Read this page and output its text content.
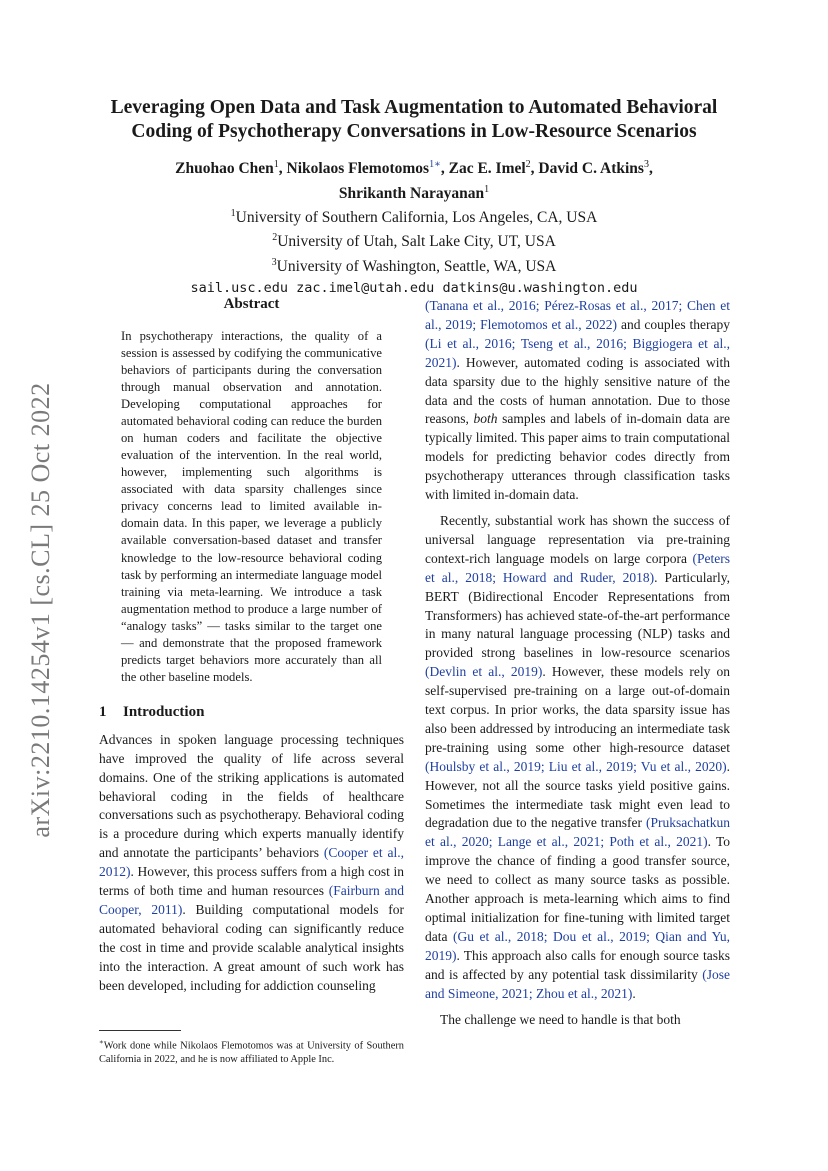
arXiv:2210.14254v1 [cs.CL] 25 Oct 2022
Leveraging Open Data and Task Augmentation to Automated Behavioral
Coding of Psychotherapy Conversations in Low-Resource Scenarios
Zhuohao Chen$^1$, Nikolaos Flemotomos$^{1∗}$, Zac E. Imel$^2$, David C. Atkins$^3$,
Shrikanth Narayanan$^1$
$^1$University of Southern California, Los Angeles, CA, USA
$^2$University of Utah, Salt Lake City, UT, USA
$^3$University of Washington, Seattle, WA, USA
sail.usc.edu zac.imel@utah.edu datkins@u.washington.edu
Abstract
In psychotherapy interactions, the quality of a session is assessed by codifying the communicative behaviors of participants during the conversation through manual observation and annotation. Developing computational approaches for automated behavioral coding can reduce the burden on human coders and facilitate the objective evaluation of the intervention. In the real world, however, implementing such algorithms is associated with data sparsity challenges since privacy concerns lead to limited available in-domain data. In this paper, we leverage a publicly available conversation-based dataset and transfer knowledge to the low-resource behavioral coding task by performing an intermediate language model training via meta-learning. We introduce a task augmentation method to produce a large number of “analogy tasks” — tasks similar to the target one — and demonstrate that the proposed framework predicts target behaviors more accurately than all the other baseline models.
1 Introduction

Advances in spoken language processing techniques have improved the quality of life across several domains. One of the striking applications is automated behavioral coding in the fields of healthcare conversations such as psychotherapy. Behavioral coding is a procedure during which experts manually identify and annotate the participants’ behaviors (Cooper et al., 2012). However, this process suffers from a high cost in terms of both time and human resources (Fairburn and Cooper, 2011). Building computational models for automated behavioral coding can significantly reduce the cost in time and provide scalable analytical insights into the interaction. A great amount of such work has been developed, including for addiction counseling

(Tanana et al., 2016; Pérez-Rosas et al., 2017; Chen et al., 2019; Flemotomos et al., 2022) and couples therapy (Li et al., 2016; Tseng et al., 2016; Biggiogera et al., 2021). However, automated coding is associated with data sparsity due to the highly sensitive nature of the data and the costs of human annotation. Due to those reasons, both samples and labels of in-domain data are typically limited. This paper aims to train computational models for predicting behavior codes directly from psychotherapy utterances through classification tasks with limited in-domain data.

Recently, substantial work has shown the success of universal language representation via pre-training context-rich language models on large corpora (Peters et al., 2018; Howard and Ruder, 2018). Particularly, BERT (Bidirectional Encoder Representations from Transformers) has achieved state-of-the-art performance in many natural language processing (NLP) tasks and provided strong baselines in low-resource scenarios (Devlin et al., 2019). However, these models rely on self-supervised pre-training on a large out-of-domain text corpus. In prior works, the data sparsity issue has also been addressed by introducing an intermediate task pre-training using some other high-resource dataset (Houlsby et al., 2019; Liu et al., 2019; Vu et al., 2020). However, not all the source tasks yield positive gains. Sometimes the intermediate task might even lead to degradation due to the negative transfer (Pruksachatkun et al., 2020; Lange et al., 2021; Poth et al., 2021). To improve the chance of finding a good transfer source, we need to collect as many source tasks as possible. Another approach is meta-learning which aims to find optimal initialization for fine-tuning with limited target data (Gu et al., 2018; Dou et al., 2019; Qian and Yu, 2019). This approach also calls for enough source tasks and is affected by any potential task dissimilarity (Jose and Simeone, 2021; Zhou et al., 2021).

The challenge we need to handle is that both

∗Work done while Nikolaos Flemotomos was at University of Southern California in 2022, and he is now affiliated to Apple Inc.
